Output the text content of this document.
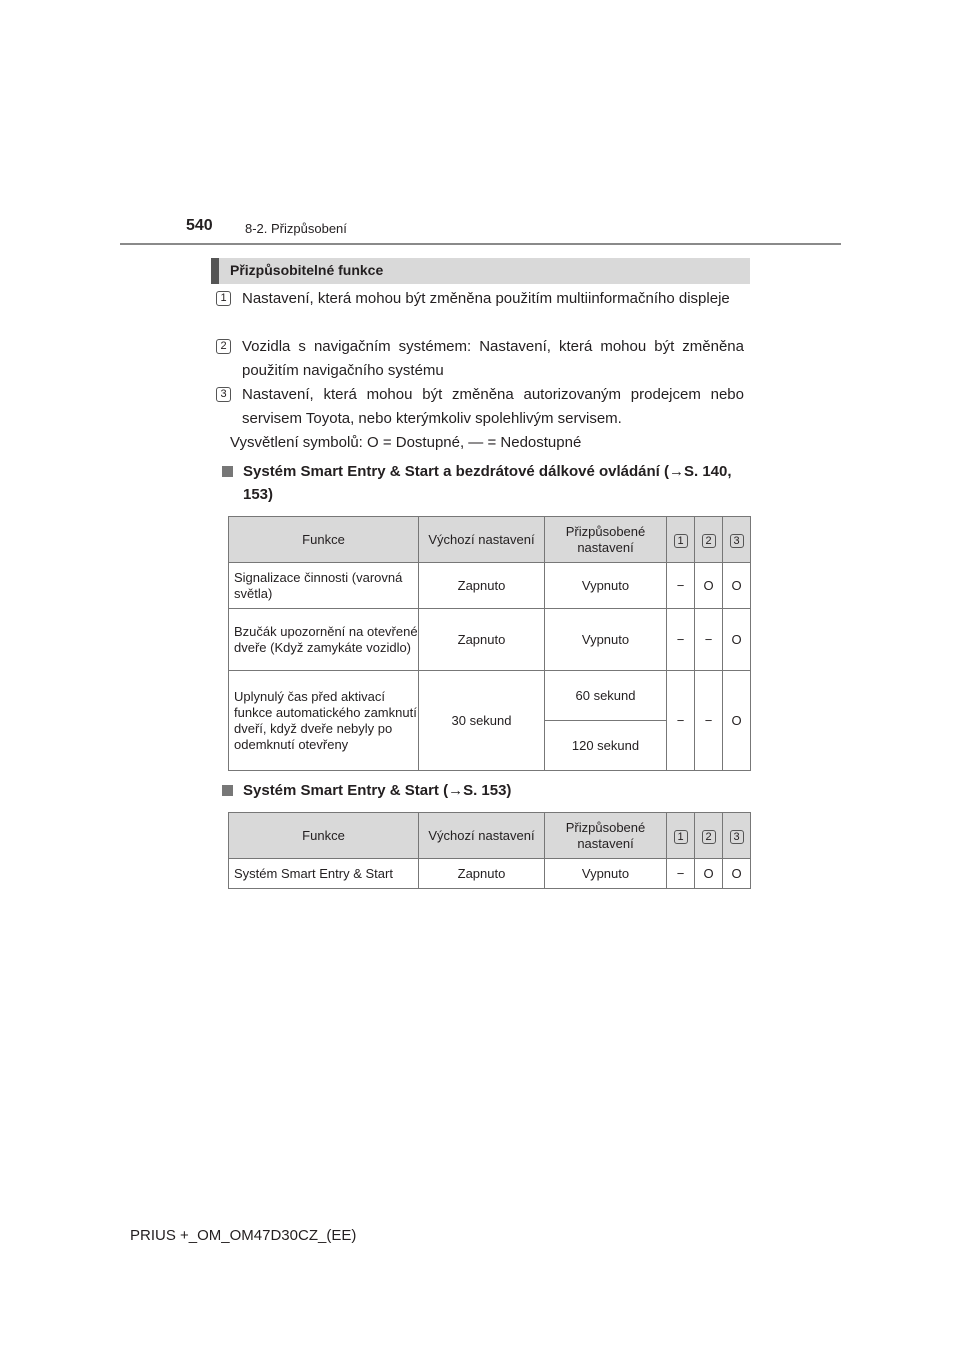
540 8-2. Přizpůsobení
Přizpůsobitelné funkce
1 Nastavení, která mohou být změněna použitím multiinformačního displeje
2 Vozidla s navigačním systémem: Nastavení, která mohou být změněna použitím navigačního systému
3 Nastavení, která mohou být změněna autorizovaným prodejcem nebo servisem Toyota, nebo kterýmkoliv spolehlivým servisem.
Vysvětlení symbolů: O = Dostupné, — = Nedostupné
Systém Smart Entry & Start a bezdrátové dálkové ovládání (→S. 140, 153)
Funkce	Výchozí nastavení	Přizpůsobené nastavení	1	2	3
Signalizace činnosti (varovná světla)	Zapnuto	Vypnuto	−	O	O
Bzučák upozornění na otevřené dveře (Když zamykáte vozidlo)	Zapnuto	Vypnuto	−	−	O
Uplynulý čas před aktivací funkce automatického zamknutí dveří, když dveře nebyly po odemknutí otevřeny	30 sekund	60 sekund	−	−	O
		120 sekund			
Systém Smart Entry & Start (→S. 153)
Funkce	Výchozí nastavení	Přizpůsobené nastavení	1	2	3
Systém Smart Entry & Start	Zapnuto	Vypnuto	−	O	O
PRIUS +_OM_OM47D30CZ_(EE)
